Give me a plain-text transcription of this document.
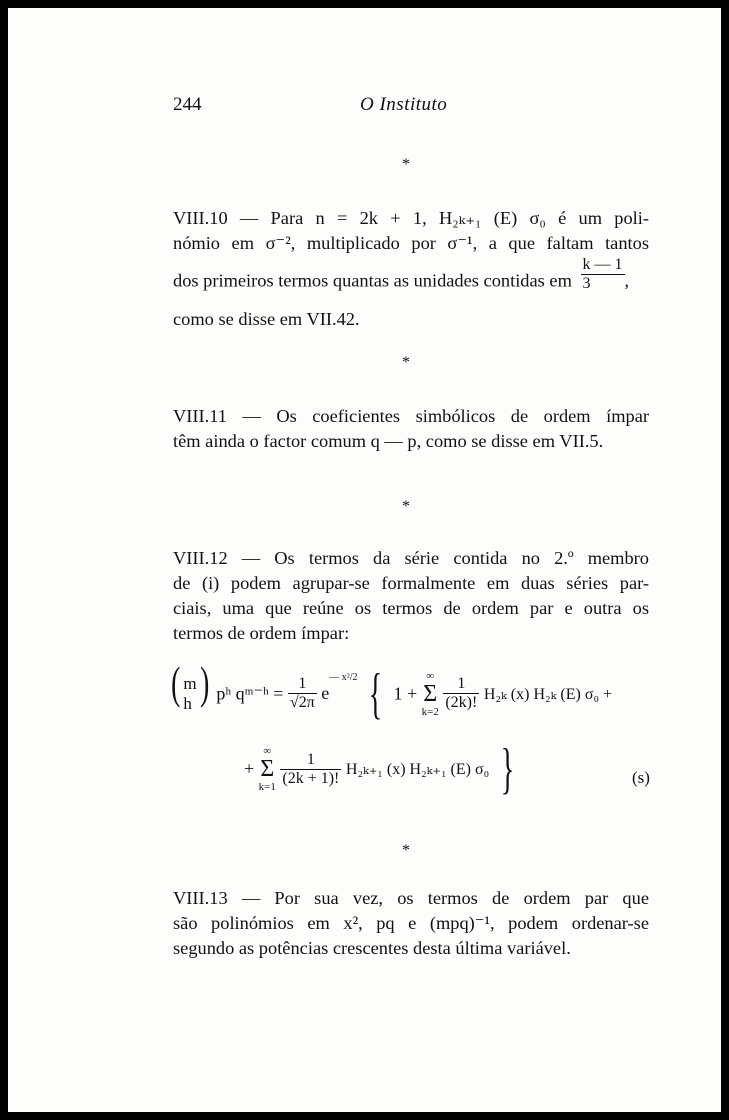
244	O Instituto
*
VIII.10 — Para n = 2k + 1, H₂ₖ₊₁ (E) σ₀ é um poli-
nómio em σ⁻², multiplicado por σ⁻¹, a que faltam tantos
dos primeiros termos quantas as unidades contidas em $\frac{k — 1}{3}$ ,
como se disse em VII.42.
*
VIII.11 — Os coeficientes simbólicos de ordem ímpar
têm ainda o factor comum q — p, como se disse em VII.5.
*
VIII.12 — Os termos da série contida no 2.º membro
de (i) podem agrupar-se formalmente em duas séries par-
ciais, uma que reúne os termos de ordem par e outra os
termos de ordem ímpar:
( m
h ) pʰ qᵐ⁻ʰ = $\frac{1}{√2\pi} e^{— x^2/2}$ { 1 +
∞
Σ
k=2
$\frac{1}{(2k)!} H_{2k}$ (x) H₂ₖ (E) σ₀ +
+
∞
Σ
k=1
$\frac{1}{(2k + 1)!} H_{2k+1}$ (x) H₂ₖ₊₁ (E) σ₀ }	(s)
*
VIII.13 — Por sua vez, os termos de ordem par que
são polinómios em x², pq e (mpq)⁻¹, podem ordenar-se
segundo as potências crescentes desta última variável.
